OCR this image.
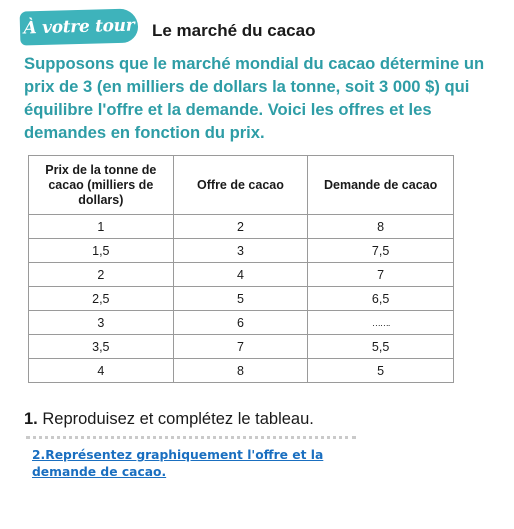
À votre tour Le marché du cacao
Supposons que le marché mondial du cacao détermine un prix de 3 (en milliers de dollars la tonne, soit 3 000 $) qui équilibre l'offre et la demande. Voici les offres et les demandes en fonction du prix.
Prix de la tonne de cacao (milliers de dollars)	Offre de cacao	Demande de cacao
1	2	8
1,5	3	7,5
2	4	7
2,5	5	6,5
3	6	…….
3,5	7	5,5
4	8	5
1. Reproduisez et complétez le tableau.
2.Représentez graphiquement l'offre et la demande de cacao.
